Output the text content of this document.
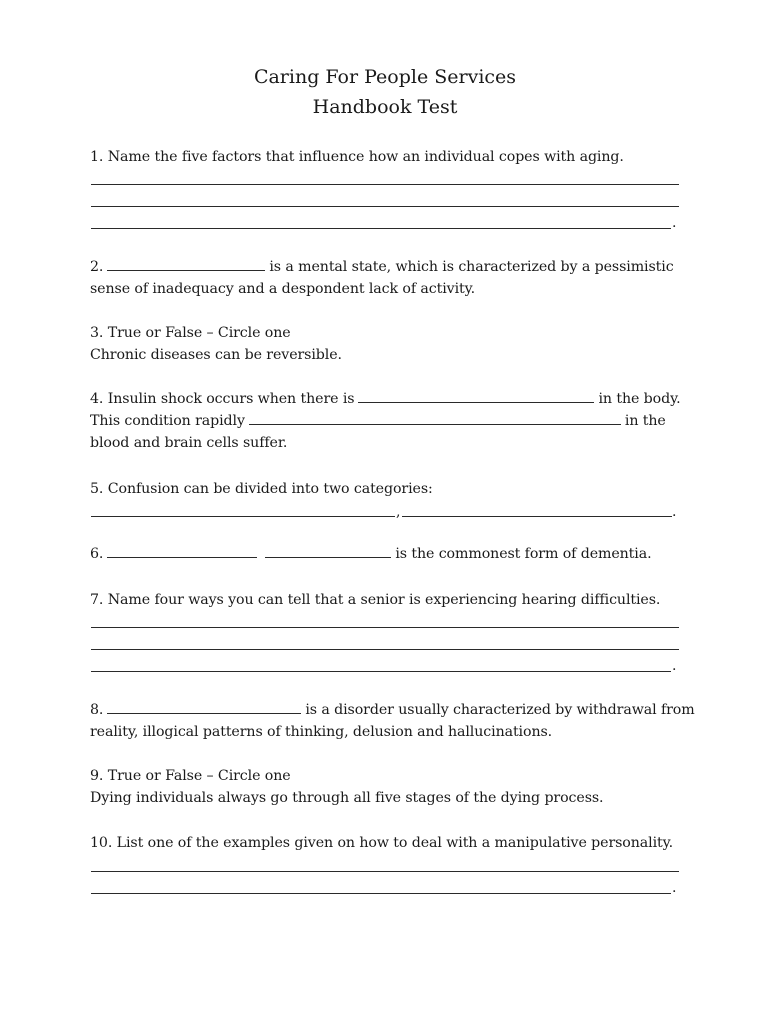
Caring For People Services
Handbook Test
1. Name the five factors that influence how an individual copes with aging.
.
2.	is a mental state, which is characterized by a pessimistic
sense of inadequacy and a despondent lack of activity.
3. True or False – Circle one
Chronic diseases can be reversible.
4. Insulin shock occurs when there is	in the body.
This condition rapidly	in the
blood and brain cells suffer.
5. Confusion can be divided into two categories:
,	.
6.	is the commonest form of dementia.
7. Name four ways you can tell that a senior is experiencing hearing difficulties.
.
8.	is a disorder usually characterized by withdrawal from
reality, illogical patterns of thinking, delusion and hallucinations.
9. True or False – Circle one
Dying individuals always go through all five stages of the dying process.
10. List one of the examples given on how to deal with a manipulative personality.
.
